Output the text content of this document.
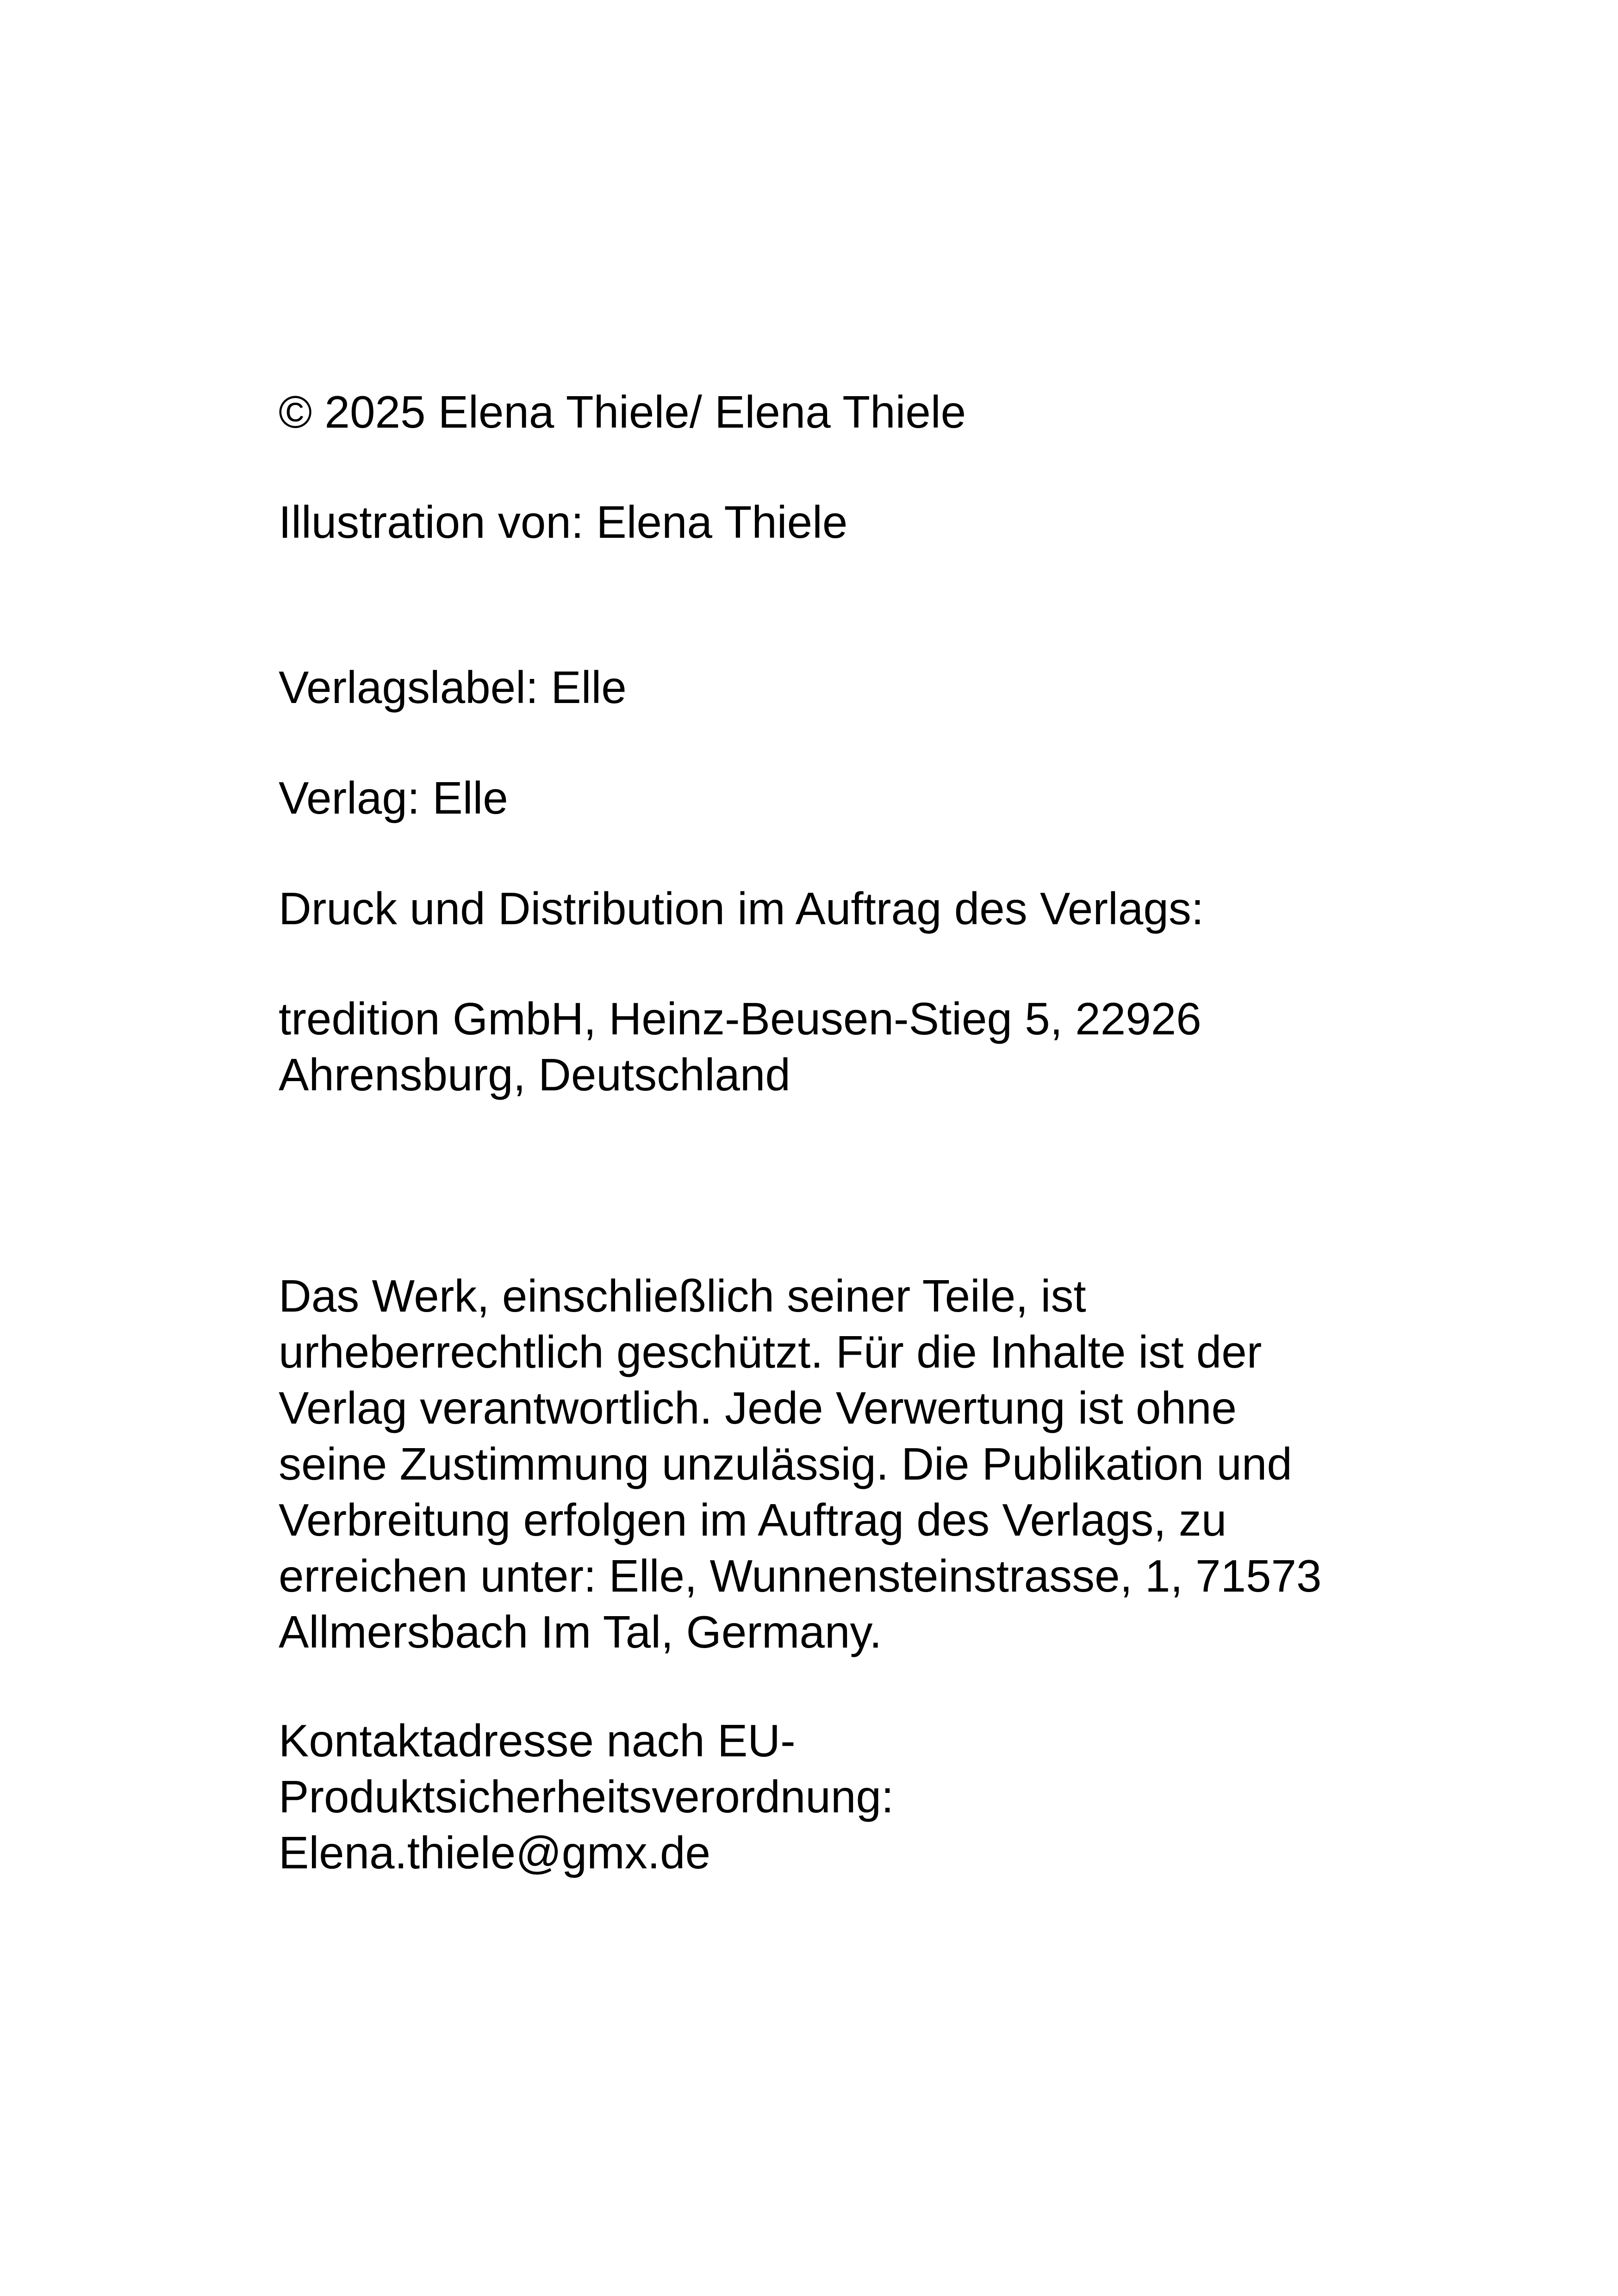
© 2025 Elena Thiele/ Elena Thiele

Illustration von: Elena Thiele

Verlagslabel: Elle

Verlag: Elle

Druck und Distribution im Auftrag des Verlags:

tredition GmbH, Heinz-Beusen-Stieg 5, 22926
Ahrensburg, Deutschland

Das Werk, einschließlich seiner Teile, ist
urheberrechtlich geschützt. Für die Inhalte ist der
Verlag verantwortlich. Jede Verwertung ist ohne
seine Zustimmung unzulässig. Die Publikation und
Verbreitung erfolgen im Auftrag des Verlags, zu
erreichen unter: Elle, Wunnensteinstrasse, 1, 71573
Allmersbach Im Tal, Germany.

Kontaktadresse nach EU-
Produktsicherheitsverordnung:
Elena.thiele@gmx.de
